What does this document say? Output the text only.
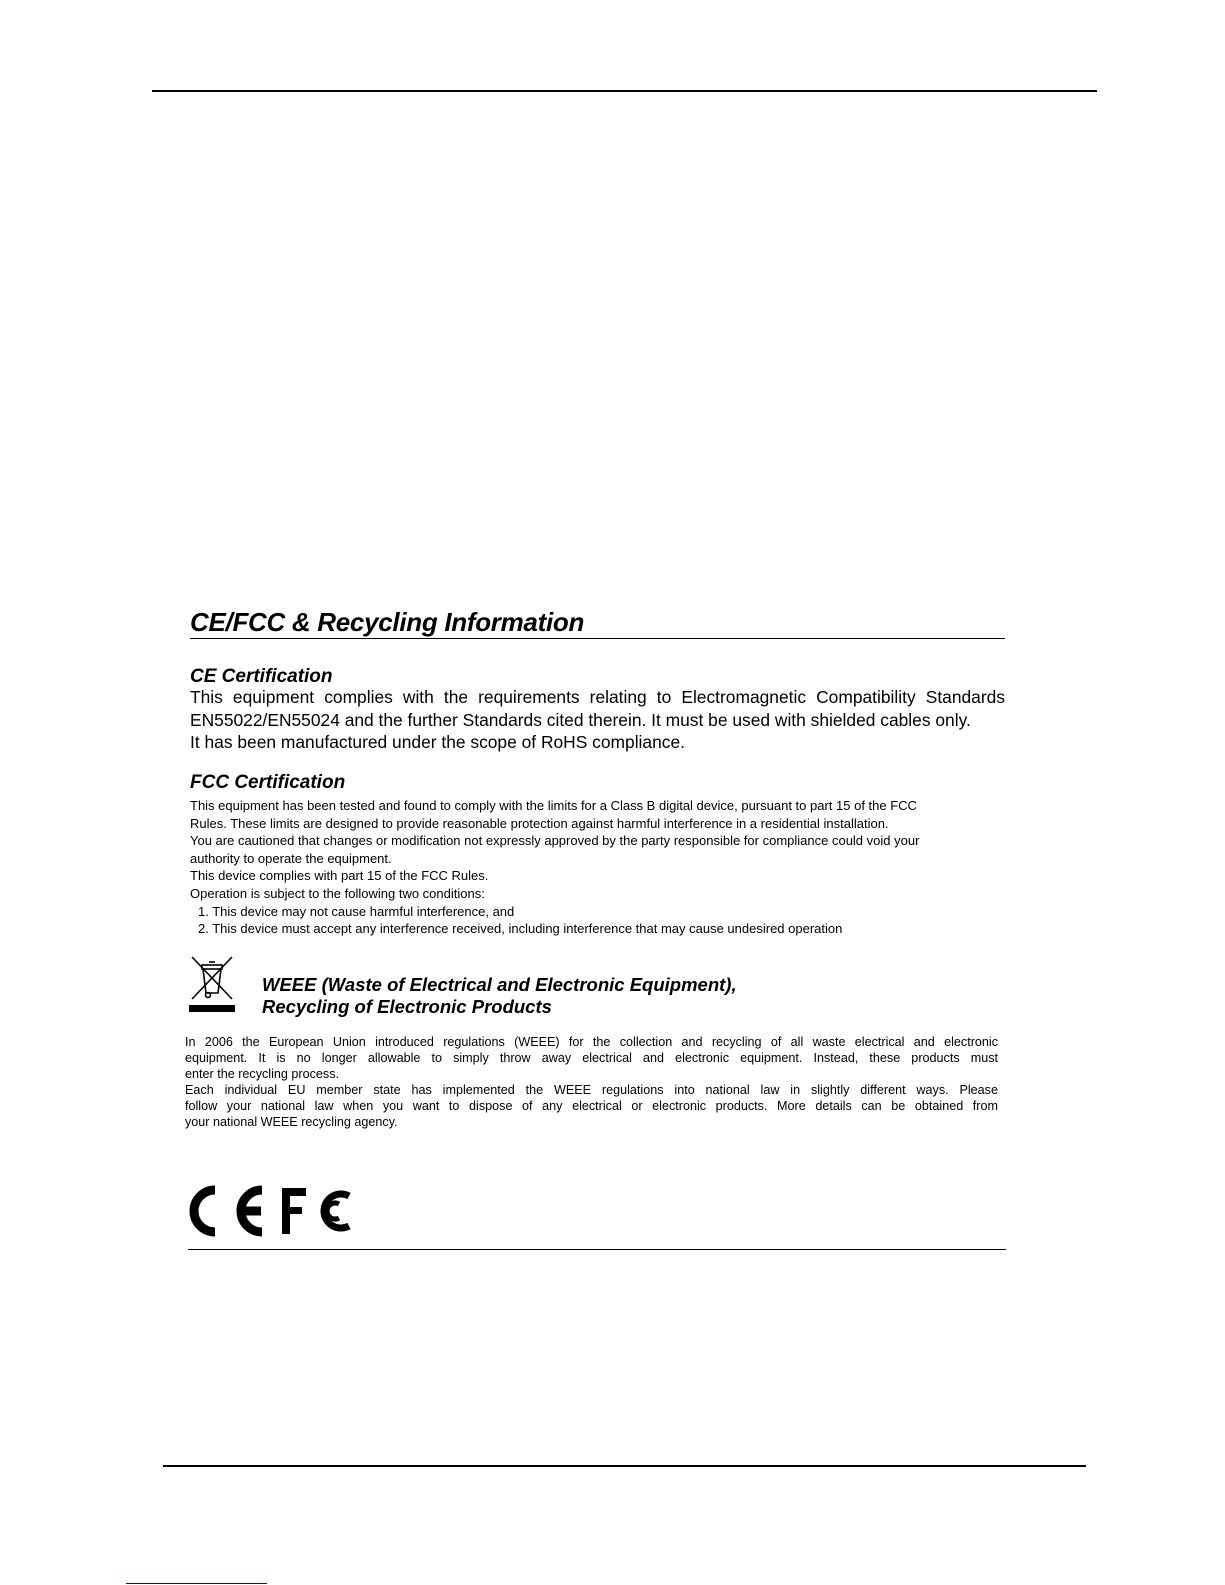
CE/FCC & Recycling Information
CE Certification

This equipment complies with the requirements relating to Electromagnetic Compatibility Standards

EN55022/EN55024 and the further Standards cited therein. It must be used with shielded cables only.

It has been manufactured under the scope of RoHS compliance.

FCC Certification

This equipment has been tested and found to comply with the limits for a Class B digital device, pursuant to part 15 of the FCC

Rules. These limits are designed to provide reasonable protection against harmful interference in a residential installation.

You are cautioned that changes or modification not expressly approved by the party responsible for compliance could void your

authority to operate the equipment.

This device complies with part 15 of the FCC Rules.

Operation is subject to the following two conditions:

1. This device may not cause harmful interference, and

2. This device must accept any interference received, including interference that may cause undesired operation

WEEE (Waste of Electrical and Electronic Equipment),
Recycling of Electronic Products

In 2006 the European Union introduced regulations (WEEE) for the collection and recycling of all waste electrical and electronic

equipment. It is no longer allowable to simply throw away electrical and electronic equipment. Instead, these products must

enter the recycling process.

Each individual EU member state has implemented the WEEE regulations into national law in slightly different ways. Please

follow your national law when you want to dispose of any electrical or electronic products. More details can be obtained from

your national WEEE recycling agency.
